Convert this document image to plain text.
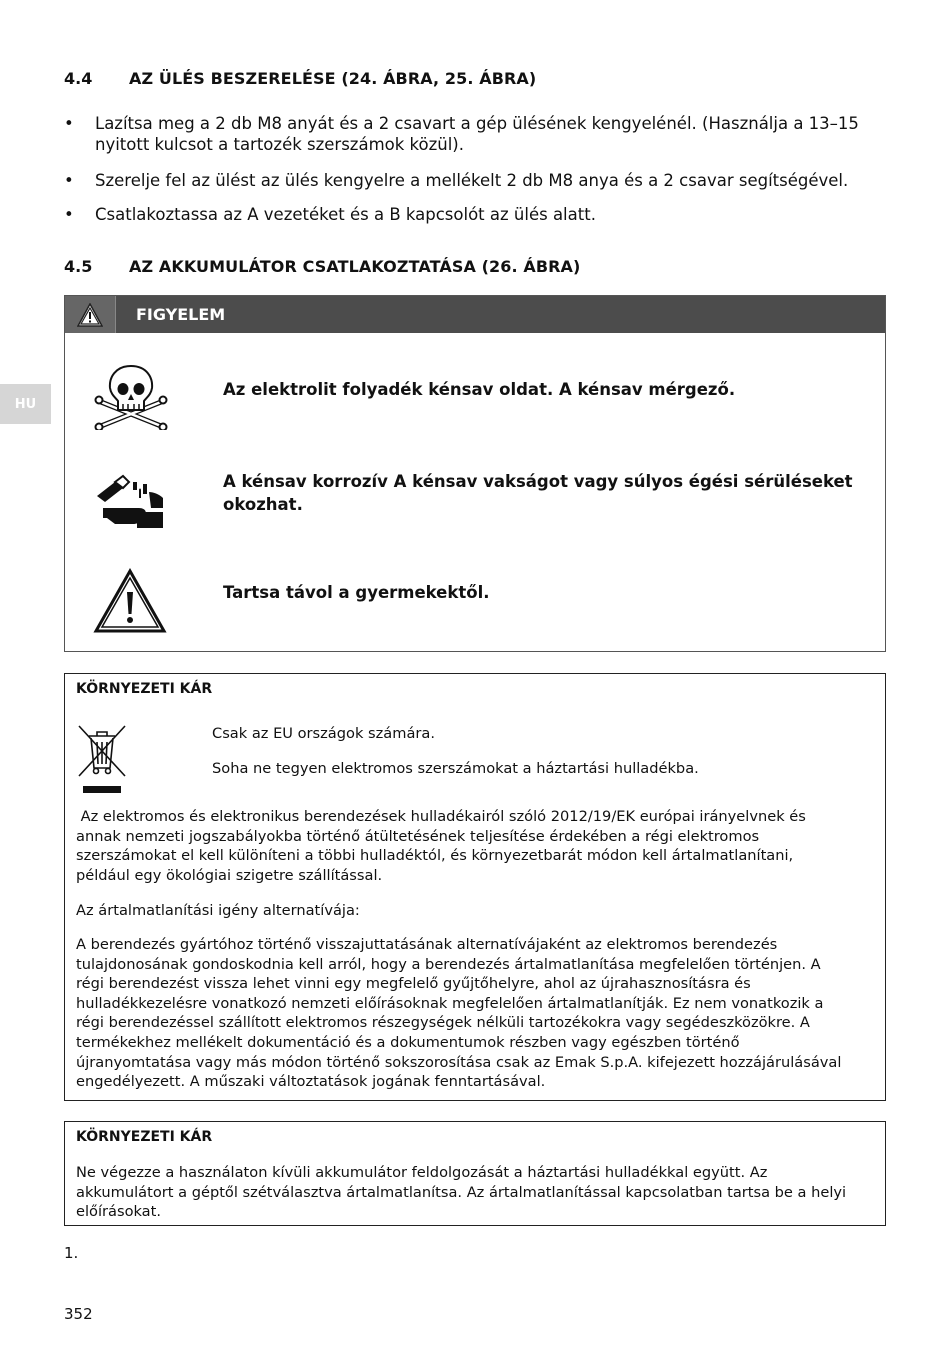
4.4 AZ ÜLÉS BESZERELÉSE (24. ÁBRA, 25. ÁBRA)
• Lazítsa meg a 2 db M8 anyát és a 2 csavart a gép ülésének kengyelénél. (Használja a 13–15
nyitott kulcsot a tartozék szerszámok közül).
• Szerelje fel az ülést az ülés kengyelre a mellékelt 2 db M8 anya és a 2 csavar segítségével.
• Csatlakoztassa az A vezetéket és a B kapcsolót az ülés alatt.
4.5 AZ AKKUMULÁTOR CSATLAKOZTATÁSA (26. ÁBRA)
HU
FIGYELEM
Az elektrolit folyadék kénsav oldat. A kénsav mérgező.
A kénsav korrozív A kénsav vakságot vagy súlyos égési sérüléseket
okozhat.
Tartsa távol a gyermekektől.
KÖRNYEZETI KÁR
Csak az EU országok számára.
Soha ne tegyen elektromos szerszámokat a háztartási hulladékba.
Az elektromos és elektronikus berendezések hulladékairól szóló 2012/19/EK európai irányelvnek és
annak nemzeti jogszabályokba történő átültetésének teljesítése érdekében a régi elektromos
szerszámokat el kell különíteni a többi hulladéktól, és környezetbarát módon kell ártalmatlanítani,
például egy ökológiai szigetre szállítással.
Az ártalmatlanítási igény alternatívája:
A berendezés gyártóhoz történő visszajuttatásának alternatívájaként az elektromos berendezés
tulajdonosának gondoskodnia kell arról, hogy a berendezés ártalmatlanítása megfelelően történjen. A
régi berendezést vissza lehet vinni egy megfelelő gyűjtőhelyre, ahol az újrahasznosításra és
hulladékkezelésre vonatkozó nemzeti előírásoknak megfelelően ártalmatlanítják. Ez nem vonatkozik a
régi berendezéssel szállított elektromos részegységek nélküli tartozékokra vagy segédeszközökre. A
termékekhez mellékelt dokumentáció és a dokumentumok részben vagy egészben történő
újranyomtatása vagy más módon történő sokszorosítása csak az Emak S.p.A. kifejezett hozzájárulásával
engedélyezett. A műszaki változtatások jogának fenntartásával.
KÖRNYEZETI KÁR
Ne végezze a használaton kívüli akkumulátor feldolgozását a háztartási hulladékkal együtt. Az
akkumulátort a géptől szétválasztva ártalmatlanítsa. Az ártalmatlanítással kapcsolatban tartsa be a helyi
előírásokat.
1.
352
